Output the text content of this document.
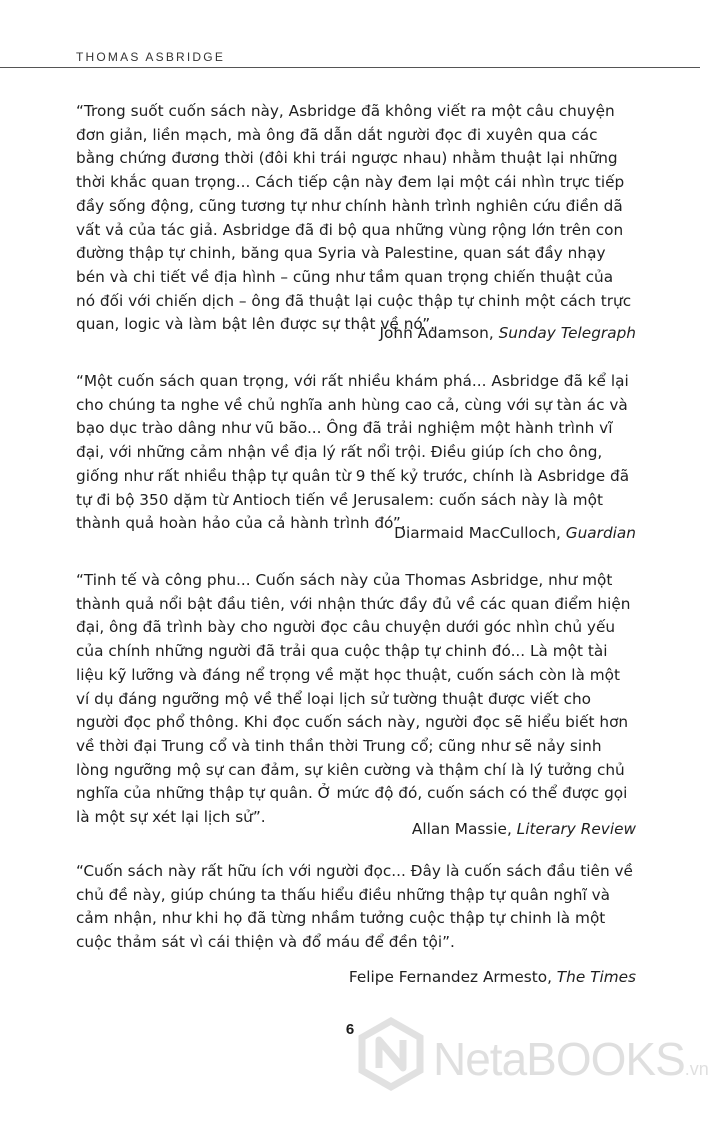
THOMAS ASBRIDGE

“Trong suốt cuốn sách này, Asbridge đã không viết ra một câu chuyện đơn giản, liền mạch, mà ông đã dẫn dắt người đọc đi xuyên qua các bằng chứng đương thời (đôi khi trái ngược nhau) nhằm thuật lại những thời khắc quan trọng... Cách tiếp cận này đem lại một cái nhìn trực tiếp đầy sống động, cũng tương tự như chính hành trình nghiên cứu điền dã vất vả của tác giả. Asbridge đã đi bộ qua những vùng rộng lớn trên con đường thập tự chinh, băng qua Syria và Palestine, quan sát đầy nhạy bén và chi tiết về địa hình – cũng như tầm quan trọng chiến thuật của nó đối với chiến dịch – ông đã thuật lại cuộc thập tự chinh một cách trực quan, logic và làm bật lên được sự thật về nó”.

John Adamson, Sunday Telegraph

“Một cuốn sách quan trọng, với rất nhiều khám phá... Asbridge đã kể lại cho chúng ta nghe về chủ nghĩa anh hùng cao cả, cùng với sự tàn ác và bạo dục trào dâng như vũ bão... Ông đã trải nghiệm một hành trình vĩ đại, với những cảm nhận về địa lý rất nổi trội. Điều giúp ích cho ông, giống như rất nhiều thập tự quân từ 9 thế kỷ trước, chính là Asbridge đã tự đi bộ 350 dặm từ Antioch tiến về Jerusalem: cuốn sách này là một thành quả hoàn hảo của cả hành trình đó”.

Diarmaid MacCulloch, Guardian

“Tinh tế và công phu... Cuốn sách này của Thomas Asbridge, như một thành quả nổi bật đầu tiên, với nhận thức đầy đủ về các quan điểm hiện đại, ông đã trình bày cho người đọc câu chuyện dưới góc nhìn chủ yếu của chính những người đã trải qua cuộc thập tự chinh đó... Là một tài liệu kỹ lưỡng và đáng nể trọng về mặt học thuật, cuốn sách còn là một ví dụ đáng ngưỡng mộ về thể loại lịch sử tường thuật được viết cho người đọc phổ thông. Khi đọc cuốn sách này, người đọc sẽ hiểu biết hơn về thời đại Trung cổ và tinh thần thời Trung cổ; cũng như sẽ nảy sinh lòng ngưỡng mộ sự can đảm, sự kiên cường và thậm chí là lý tưởng chủ nghĩa của những thập tự quân. Ở mức độ đó, cuốn sách có thể được gọi là một sự xét lại lịch sử”.

Allan Massie, Literary Review

“Cuốn sách này rất hữu ích với người đọc... Đây là cuốn sách đầu tiên về chủ đề này, giúp chúng ta thấu hiểu điều những thập tự quân nghĩ và cảm nhận, như khi họ đã từng nhầm tưởng cuộc thập tự chinh là một cuộc thảm sát vì cái thiện và đổ máu để đền tội”.

Felipe Fernandez Armesto, The Times
6
NetaBOOKS.vn
